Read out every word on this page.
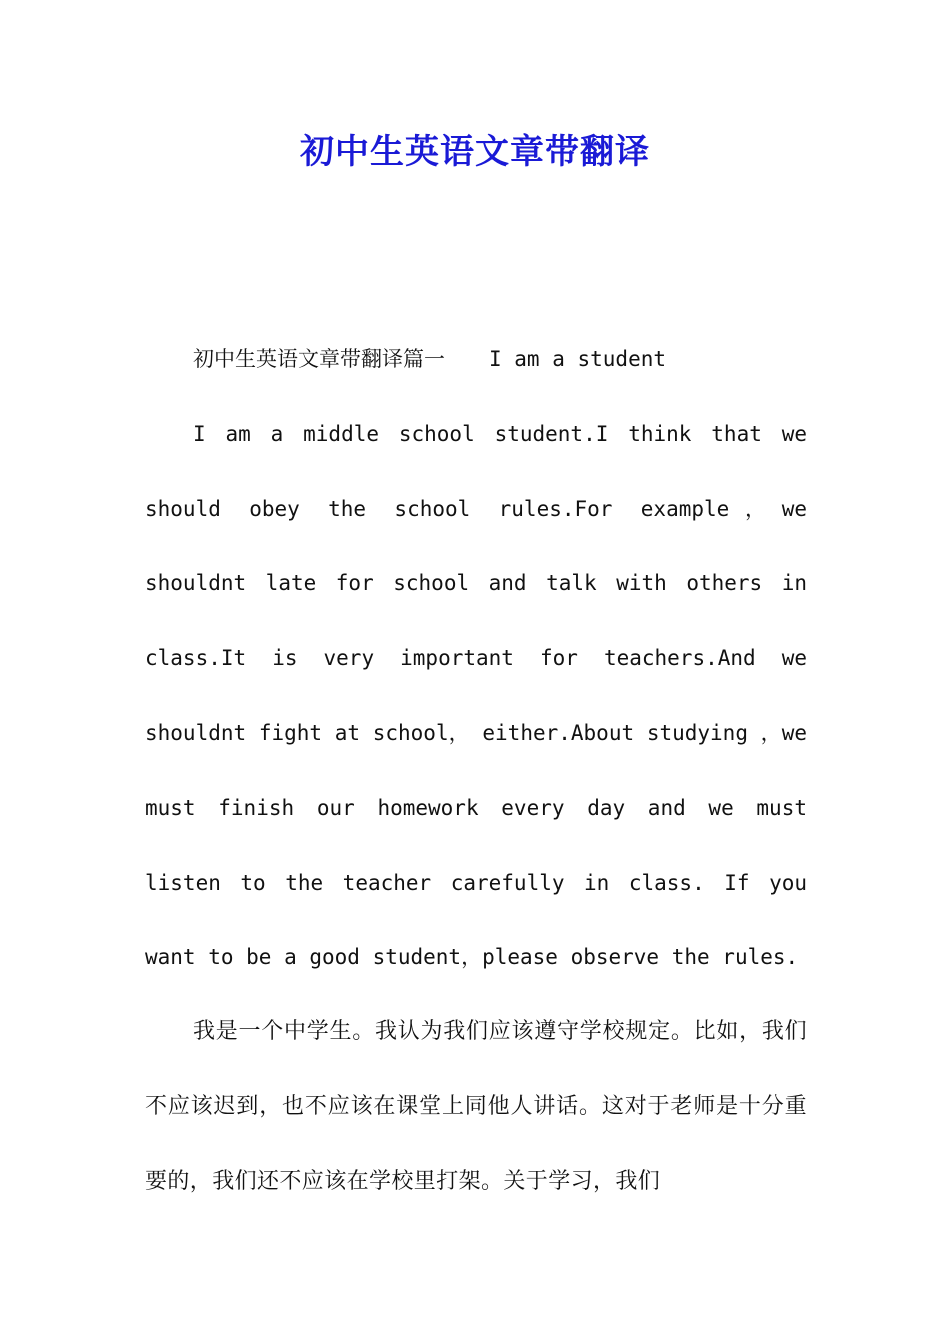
初中生英语文章带翻译

初中生英语文章带翻译篇一 I am a student

I am a middle school student.I think that we should obey the school rules.For example，we shouldnt late for school and talk with others in class.It is very important for teachers.And we shouldnt fight at school， either.About studying ，we must finish our homework every day and we must listen to the teacher carefully in class. If you want to be a good student，please observe the rules.

我是一个中学生。我认为我们应该遵守学校规定。比如，我们不应该迟到，也不应该在课堂上同他人讲话。这对于老师是十分重要的，我们还不应该在学校里打架。关于学习，我们
